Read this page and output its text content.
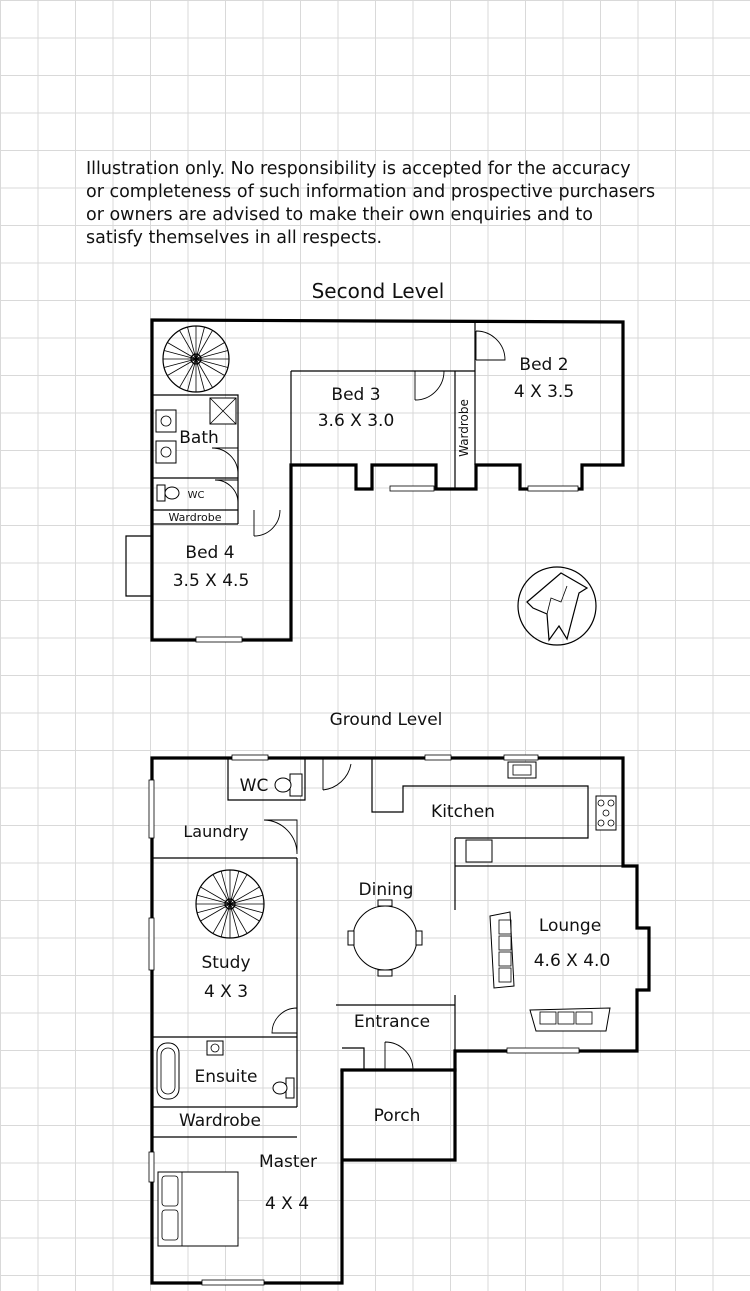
Illustration only. No responsibility is accepted for the accuracy
or completeness of such information and prospective purchasers
or owners are advised to make their own enquiries and to
satisfy themselves in all respects.

Second Level
Bed 3
3.6 X 3.0
Bed 2
4 X 3.5
Bath
WC
Wardrobe
Wardrobe
Bed 4
3.5 X 4.5
Ground Level
WC
Kitchen
Laundry
Dining
Lounge
4.6 X 4.0
Study
4 X 3
Entrance
Ensuite
Porch
Wardrobe
Master
4 X 4
